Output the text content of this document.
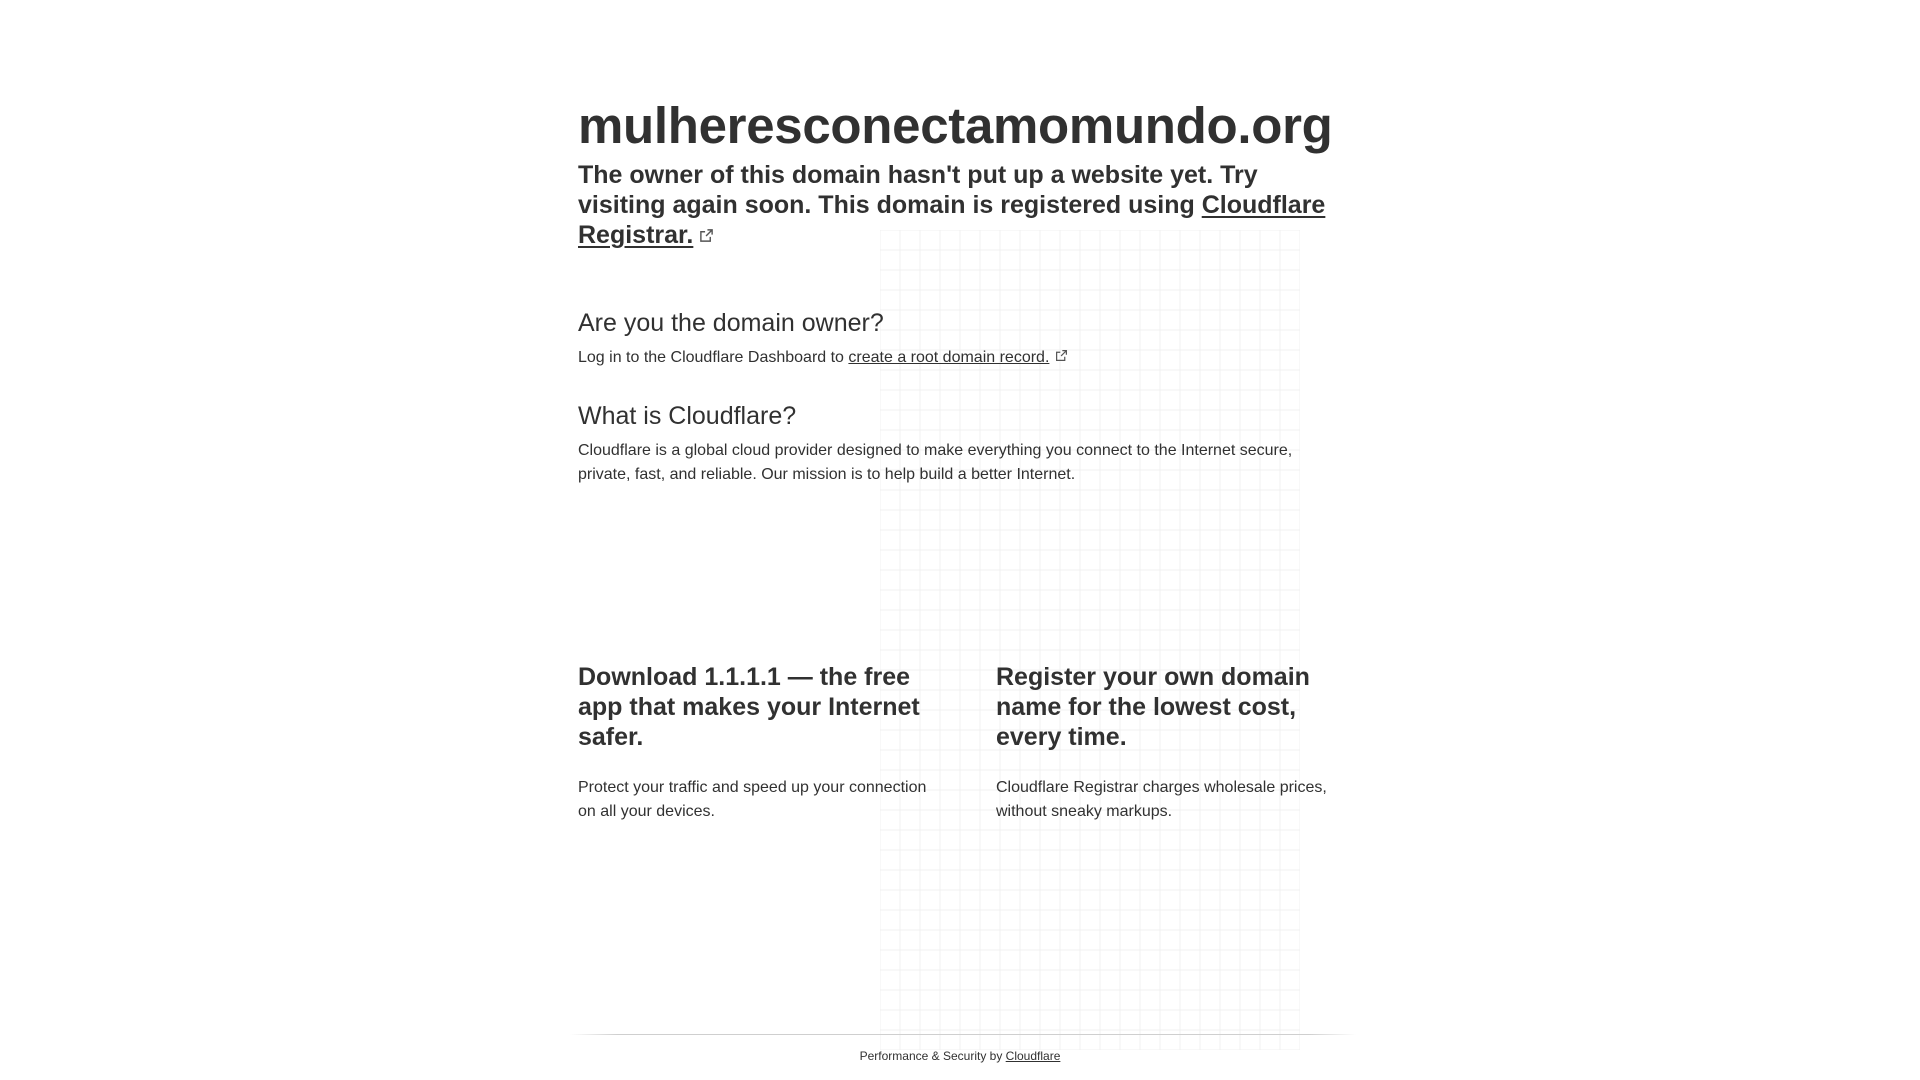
mulheresconectamomundo.org

The owner of this domain hasn't put up a website yet. Try visiting again soon. This domain is registered using Cloudflare Registrar.

Are you the domain owner?

Log in to the Cloudflare Dashboard to create a root domain record.

What is Cloudflare?

Cloudflare is a global cloud provider designed to make everything you connect to the Internet secure, private, fast, and reliable. Our mission is to help build a better Internet.

Download 1.1.1.1 — the free app that makes your Internet safer.

Protect your traffic and speed up your connection on all your devices.

Register your own domain name for the lowest cost, every time.

Cloudflare Registrar charges wholesale prices, without sneaky markups.

Performance & Security by Cloudflare
